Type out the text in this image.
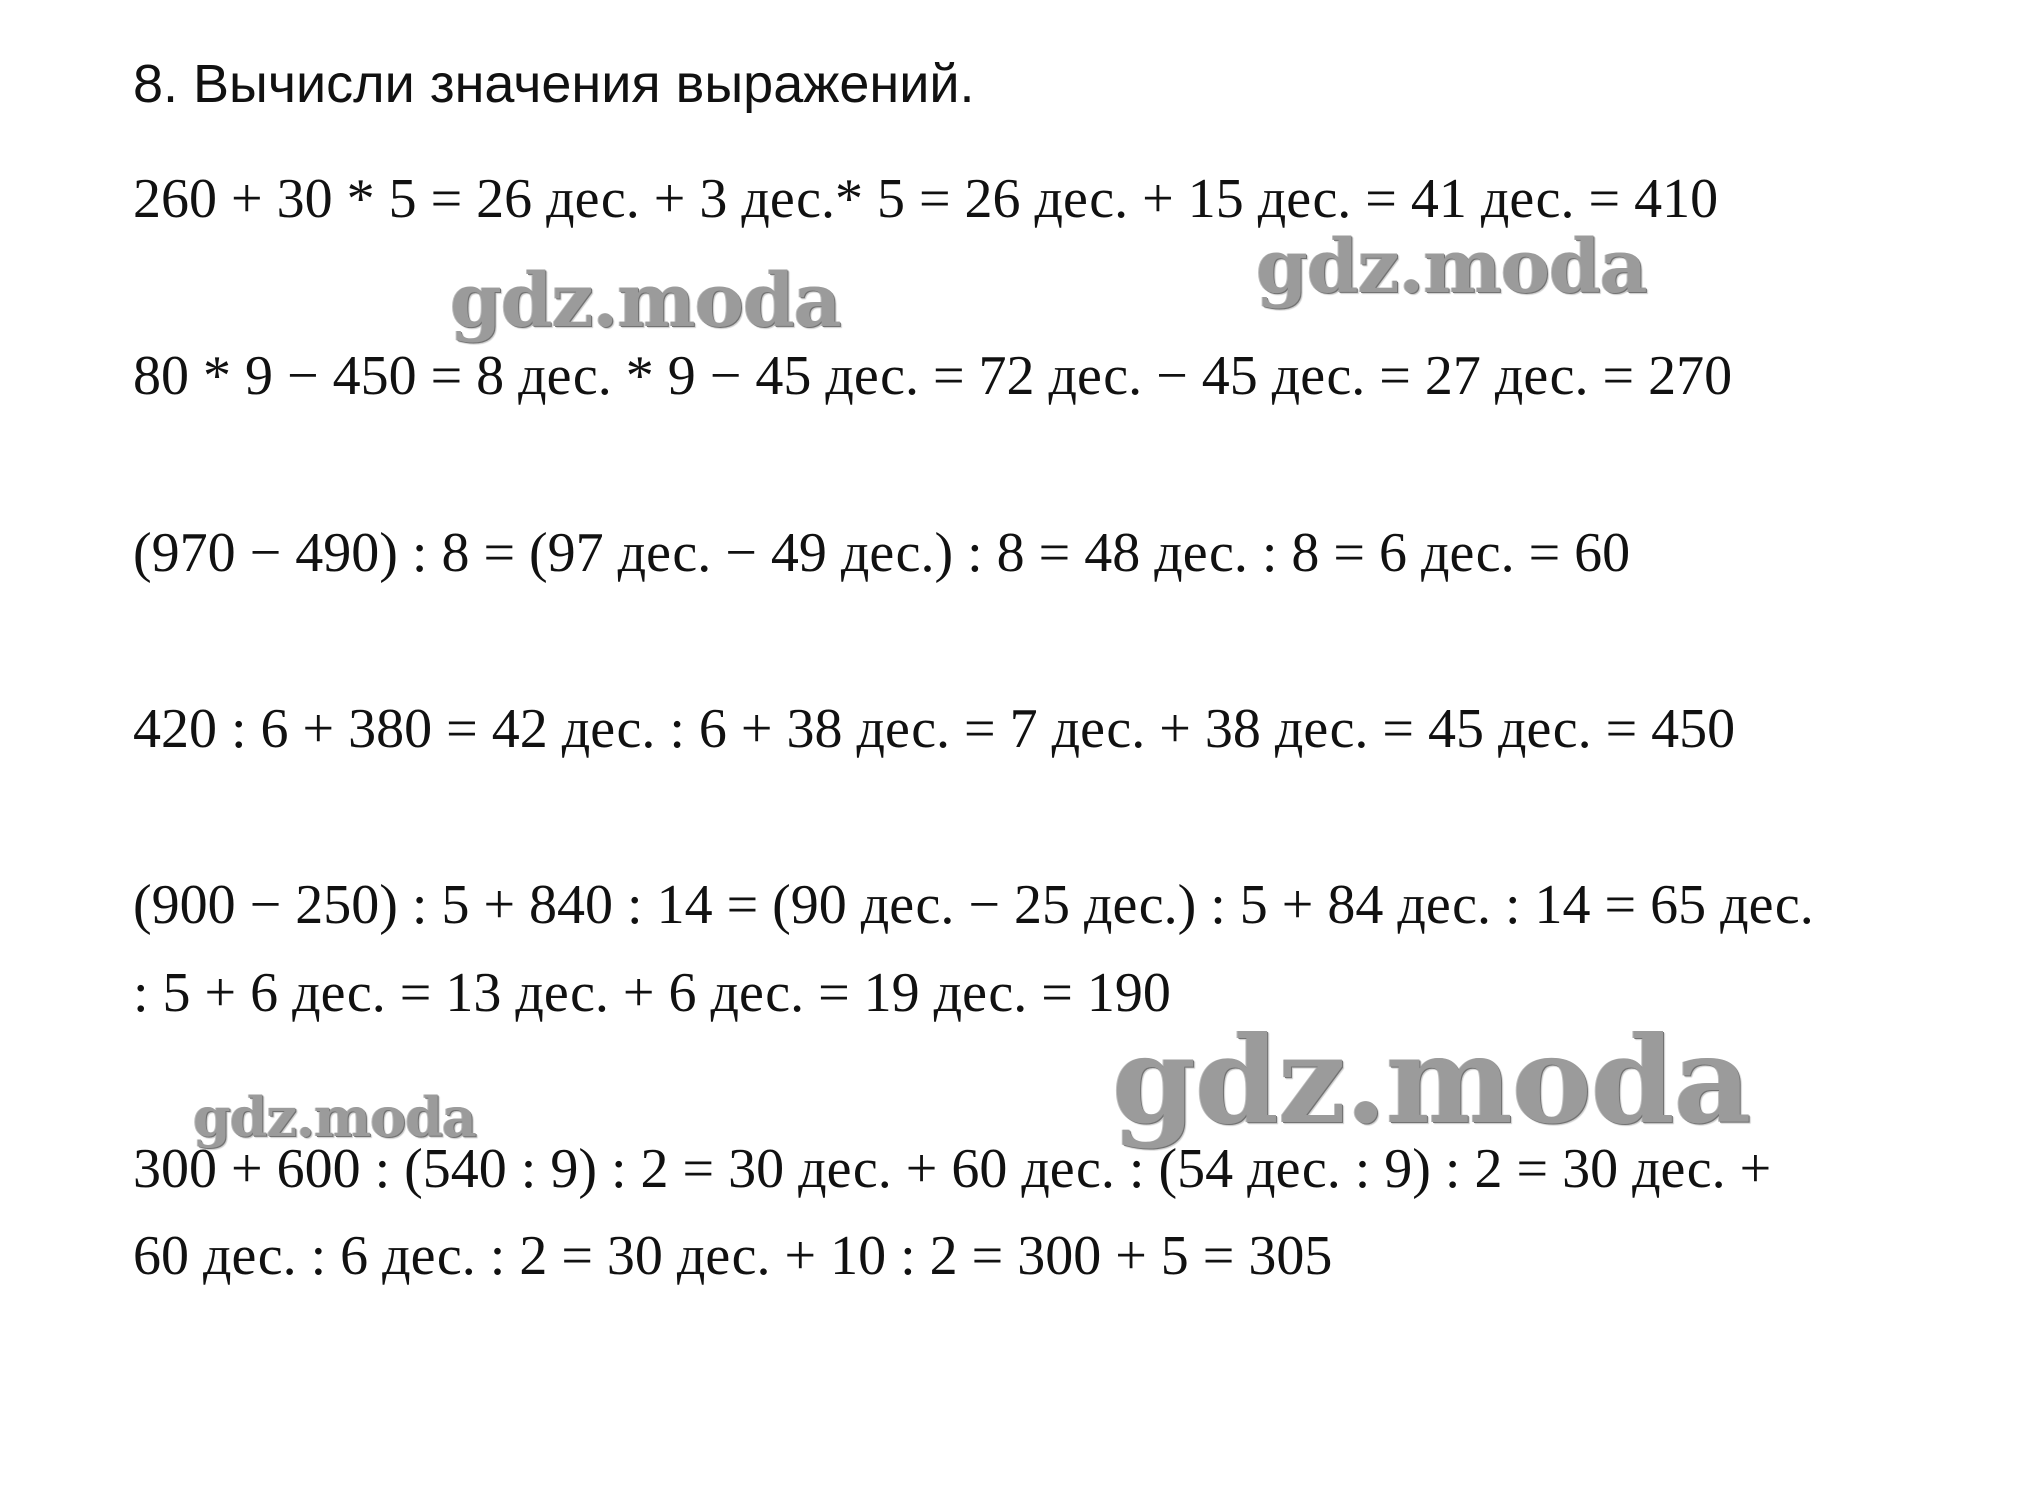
8. Вычисли значения выражений.
260 + 30 * 5 = 26 дес. + 3 дес.* 5 = 26 дес. + 15 дес. = 41 дес. = 410
80 * 9 − 450 = 8 дес. * 9 − 45 дес. = 72 дес. − 45 дес. = 27 дес. = 270
(970 − 490) : 8 = (97 дес. − 49 дес.) : 8 = 48 дес. : 8 = 6 дес. = 60
420 : 6 + 380 = 42 дес. : 6 + 38 дес. = 7 дес. + 38 дес. = 45 дес. = 450
(900 − 250) : 5 + 840 : 14 = (90 дес. − 25 дес.) : 5 + 84 дес. : 14 = 65 дес.
: 5 + 6 дес. = 13 дес. + 6 дес. = 19 дес. = 190
300 + 600 : (540 : 9) : 2 = 30 дес. + 60 дес. : (54 дес. : 9) : 2 = 30 дес. +
60 дес. : 6 дес. : 2 = 30 дес. + 10 : 2 = 300 + 5 = 305
gdz.moda	gdz.moda
gdz.moda
gdz.moda
